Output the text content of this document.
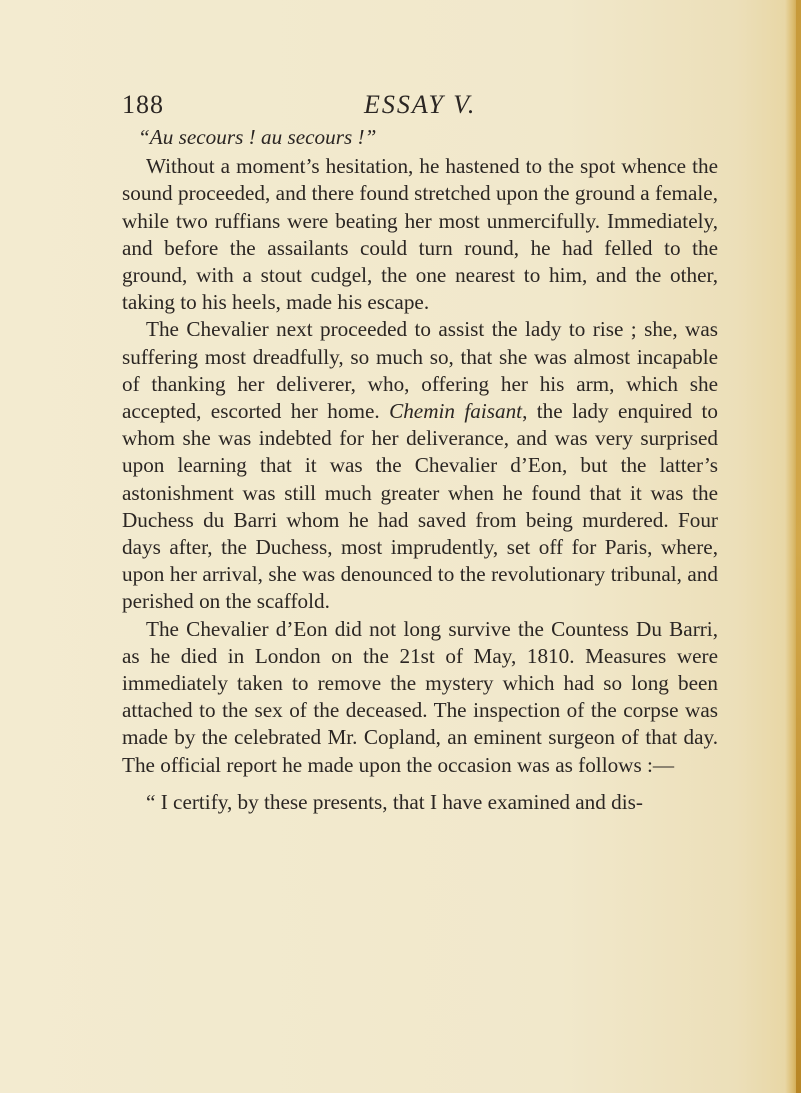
188	ESSAY V.

“Au secours ! au secours !”

Without a moment’s hesitation, he hastened to the spot whence the sound proceeded, and there found stretched upon the ground a female, while two ruffians were beating her most unmercifully. Immediately, and before the assailants could turn round, he had felled to the ground, with a stout cudgel, the one nearest to him, and the other, taking to his heels, made his escape.

The Chevalier next proceeded to assist the lady to rise ; she, was suffering most dreadfully, so much so, that she was almost incapable of thanking her deliverer, who, offering her his arm, which she accepted, escorted her home. Chemin faisant, the lady enquired to whom she was indebted for her deliverance, and was very surprised upon learning that it was the Chevalier d’Eon, but the latter’s astonishment was still much greater when he found that it was the Duchess du Barri whom he had saved from being murdered. Four days after, the Duchess, most imprudently, set off for Paris, where, upon her arrival, she was denounced to the revolutionary tribunal, and perished on the scaffold.

The Chevalier d’Eon did not long survive the Countess Du Barri, as he died in London on the 21st of May, 1810. Measures were immediately taken to remove the mystery which had so long been attached to the sex of the deceased. The inspection of the corpse was made by the celebrated Mr. Copland, an eminent surgeon of that day. The official report he made upon the occasion was as follows :—

“ I certify, by these presents, that I have examined and dis-
